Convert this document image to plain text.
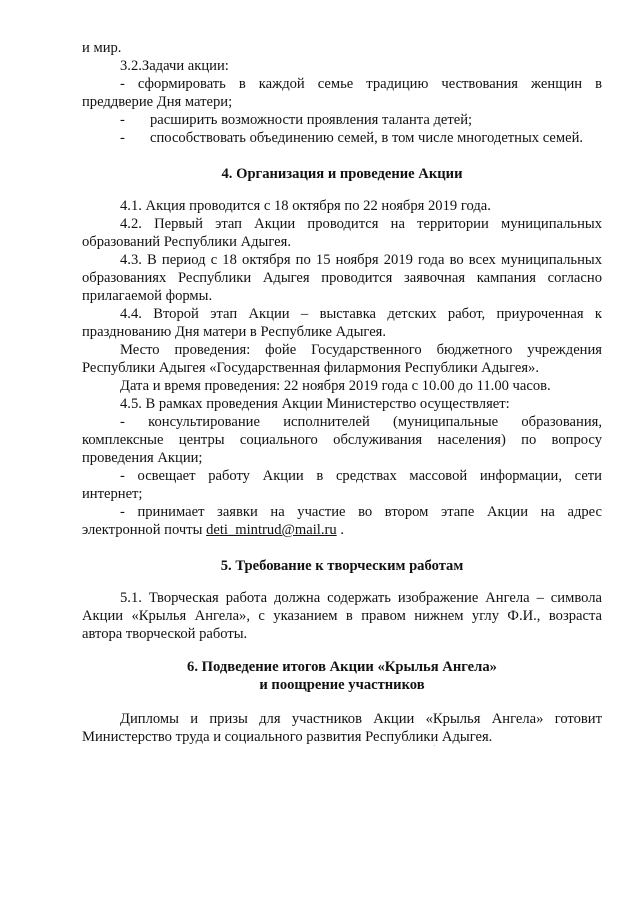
и мир.
3.2.Задачи акции:
- сформировать в каждой семье традицию чествования женщин в
преддверие Дня матери;
- расширить возможности проявления таланта детей;
- способствовать объединению семей, в том числе многодетных семей.
4. Организация и проведение Акции
4.1. Акция проводится с 18 октября по 22 ноября 2019 года.
4.2. Первый этап Акции проводится на территории муниципальных
образований Республики Адыгея.
4.3. В период с 18 октября по 15 ноября 2019 года во всех муниципальных
образованиях Республики Адыгея проводится заявочная кампания согласно
прилагаемой формы.
4.4. Второй этап Акции – выставка детских работ, приуроченная к
празднованию Дня матери в Республике Адыгея.
Место проведения: фойе Государственного бюджетного учреждения
Республики Адыгея «Государственная филармония Республики Адыгея».
Дата и время проведения: 22 ноября 2019 года с 10.00 до 11.00 часов.
4.5. В рамках проведения Акции Министерство осуществляет:
- консультирование исполнителей (муниципальные образования,
комплексные центры социального обслуживания населения) по вопросу
проведения Акции;
- освещает работу Акции в средствах массовой информации, сети
интернет;
- принимает заявки на участие во втором этапе Акции на адрес
электронной почты deti_mintrud@mail.ru .
5. Требование к творческим работам
5.1. Творческая работа должна содержать изображение Ангела – символа
Акции «Крылья Ангела», с указанием в правом нижнем углу Ф.И., возраста
автора творческой работы.
6. Подведение итогов Акции «Крылья Ангела»
и поощрение участников
Дипломы и призы для участников Акции «Крылья Ангела» готовит
Министерство труда и социального развития Республики Адыгея.
